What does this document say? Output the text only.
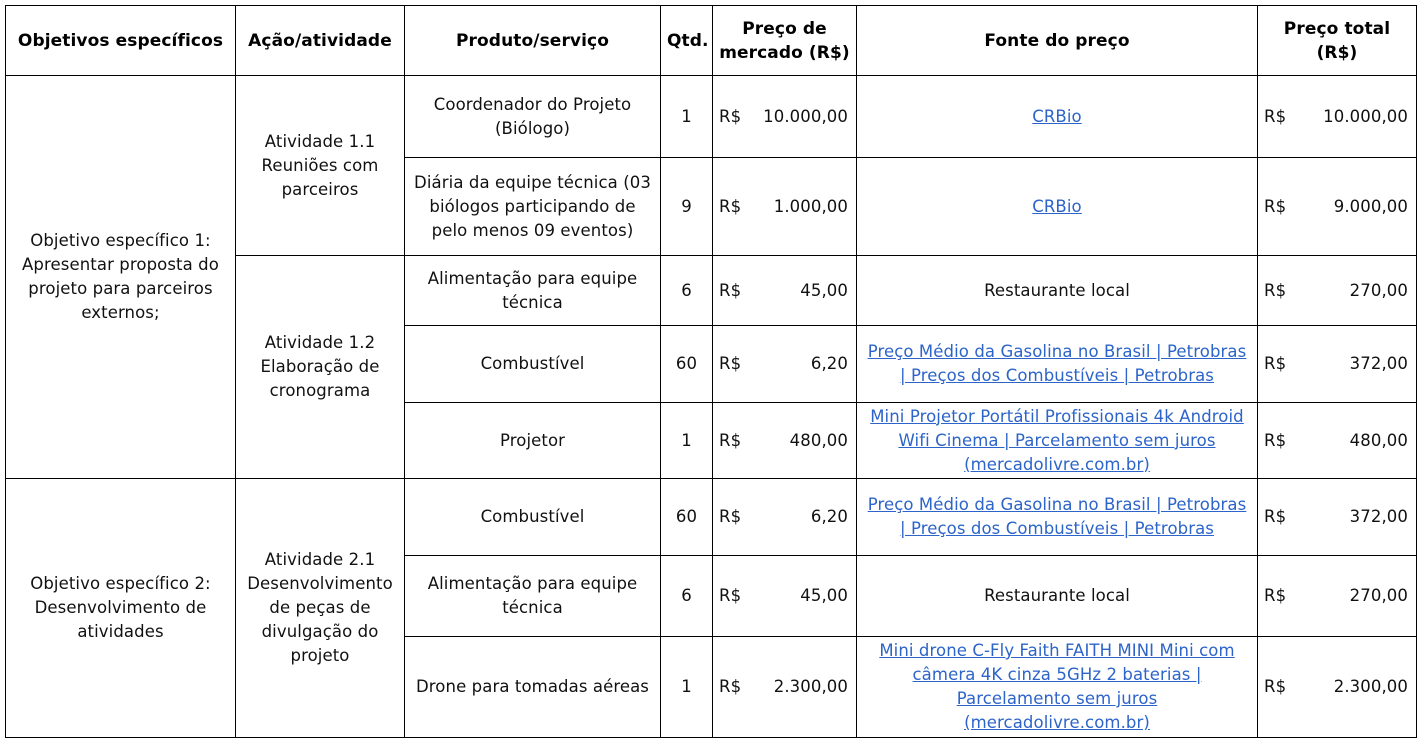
Objetivos específicos	Ação/atividade	Produto/serviço	Qtd.	Preço de mercado (R$)	Fonte do preço	Preço total (R$)
Objetivo específico 1: Apresentar proposta do projeto para parceiros externos;	Atividade 1.1 Reuniões com parceiros	Coordenador do Projeto (Biólogo)	1	R$ 10.000,00	CRBio	R$ 10.000,00

		Diária da equipe técnica (03 biólogos participando de pelo menos 09 eventos)	9	R$ 1.000,00	CRBio	R$ 9.000,00

	Atividade 1.2 Elaboração de cronograma	Alimentação para equipe técnica	6	R$ 45,00	Restaurante local	R$ 270,00

		Combustível	60	R$ 6,20	Preço Médio da Gasolina no Brasil | Petrobras | Preços dos Combustíveis | Petrobras	R$ 372,00

		Projetor	1	R$ 480,00	Mini Projetor Portátil Profissionais 4k Android Wifi Cinema | Parcelamento sem juros (mercadolivre.com.br)	R$ 480,00

Objetivo específico 2: Desenvolvimento de atividades	Atividade 2.1 Desenvolvimento de peças de divulgação do projeto	Combustível	60	R$ 6,20	Preço Médio da Gasolina no Brasil | Petrobras | Preços dos Combustíveis | Petrobras	R$ 372,00

		Alimentação para equipe técnica	6	R$ 45,00	Restaurante local	R$ 270,00

		Drone para tomadas aéreas	1	R$ 2.300,00	Mini drone C-Fly Faith FAITH MINI Mini com câmera 4K cinza 5GHz 2 baterias | Parcelamento sem juros (mercadolivre.com.br)	R$ 2.300,00
